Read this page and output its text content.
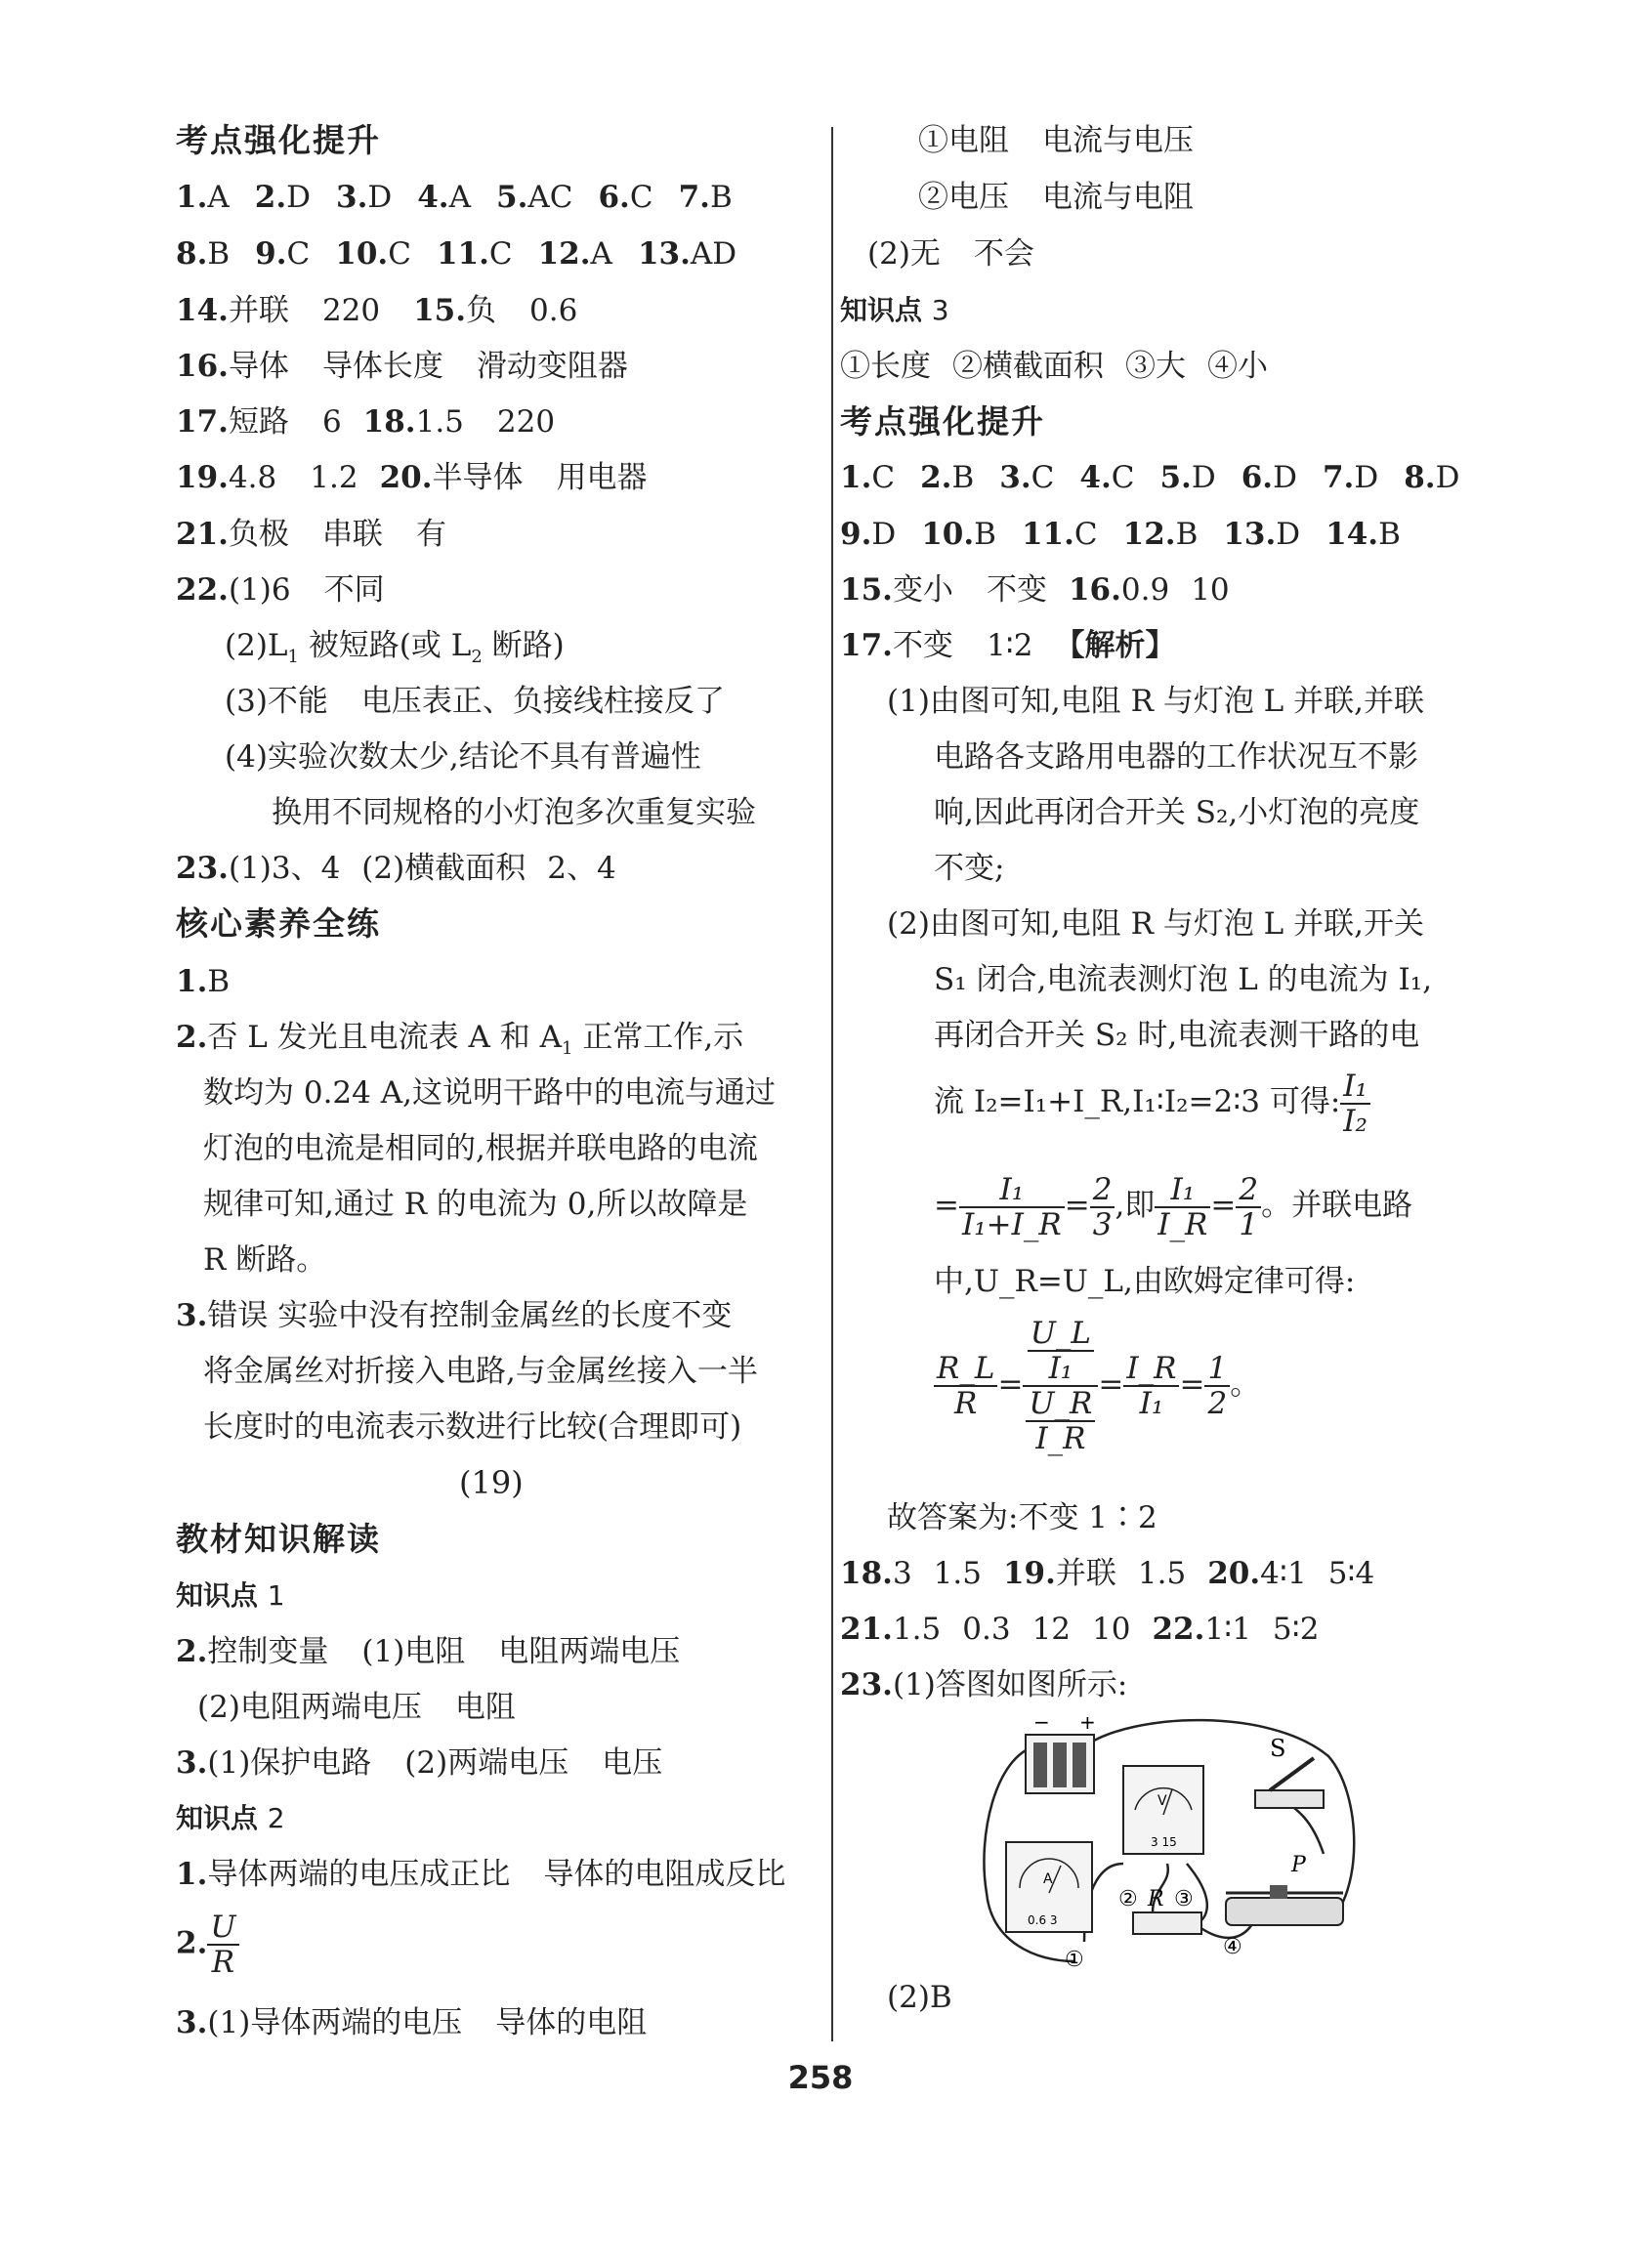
考点强化提升
1.A 2.D 3.D 4.A 5.AC 6.C 7.B
8.B 9.C 10.C 11.C 12.A 13.AD
14.并联 220 15.负 0.6
16.导体 导体长度 滑动变阻器
17.短路 6 18.1.5 220
19.4.8 1.2 20.半导体 用电器
21.负极 串联 有
22.(1)6 不同
$(2)L_1$ 被短路(或 $L_2$ 断路)
(3)不能 电压表正、负接线柱接反了
(4)实验次数太少,结论不具有普遍性
换用不同规格的小灯泡多次重复实验
23.(1)3、4 (2)横截面积 2、4
核心素养全练
1.B
2.否 L 发光且电流表 A 和 $A_1$ 正常工作,示
数均为 0.24 A,这说明干路中的电流与通过
灯泡的电流是相同的,根据并联电路的电流
规律可知,通过 R 的电流为 0,所以故障是
R 断路。
3.错误 实验中没有控制金属丝的长度不变
将金属丝对折接入电路,与金属丝接入一半
长度时的电流表示数进行比较(合理即可)
(19)
教材知识解读
知识点 1
2.控制变量 (1)电阻 电阻两端电压
(2)电阻两端电压 电阻
3.(1)保护电路 (2)两端电压 电压
知识点 2
1.导体两端的电压成正比 导体的电阻成反比
2. $\frac{U}{R}$
3.(1)导体两端的电压 导体的电阻
①电阻 电流与电压
②电压 电流与电阻
(2)无 不会
知识点 3
①长度 ②横截面积 ③大 ④小
考点强化提升
1.C 2.B 3.C 4.C 5.D 6.D 7.D 8.D
9.D 10.B 11.C 12.B 13.D 14.B
15.变小 不变 16.0.9 10
17.不变 1∶2 【解析】
(1)由图可知,电阻 R 与灯泡 L 并联,并联
电路各支路用电器的工作状况互不影
响,因此再闭合开关 S₂,小灯泡的亮度
不变;
(2)由图可知,电阻 R 与灯泡 L 并联,开关
S₁ 闭合,电流表测灯泡 L 的电流为 I₁,
再闭合开关 S₂ 时,电流表测干路的电
流 I₂=I₁+I_R,I₁∶I₂=2∶3 可得: $\frac{\text{I₁}}{\text{I₂}}$
= $\frac{\text{I₁}}{\text{I₁+I\_R}} = \frac{2}{3}$ ,即 $\frac{\text{I₁}}{I\_R} = \frac{2}{1}$ 。并联电路
中,U_R=U_L,由欧姆定律可得:
$\frac{R\_L}{R} = \frac{\frac{U\_L}{\text{I₁}}}{\frac{U\_R}{I\_R}} = \frac{I\_R}{\text{I₁}} = \frac{1}{2}$ 。
故答案为:不变 1∶2
18.3 1.5 19.并联 1.5 20.4∶1 5∶4
21.1.5 0.3 12 10 22.1∶1 5∶2
23.(1)答图如图所示:
− +
V
3 15
A
0.6 3
S
R
P
①
② ③
④
(2)B
258
